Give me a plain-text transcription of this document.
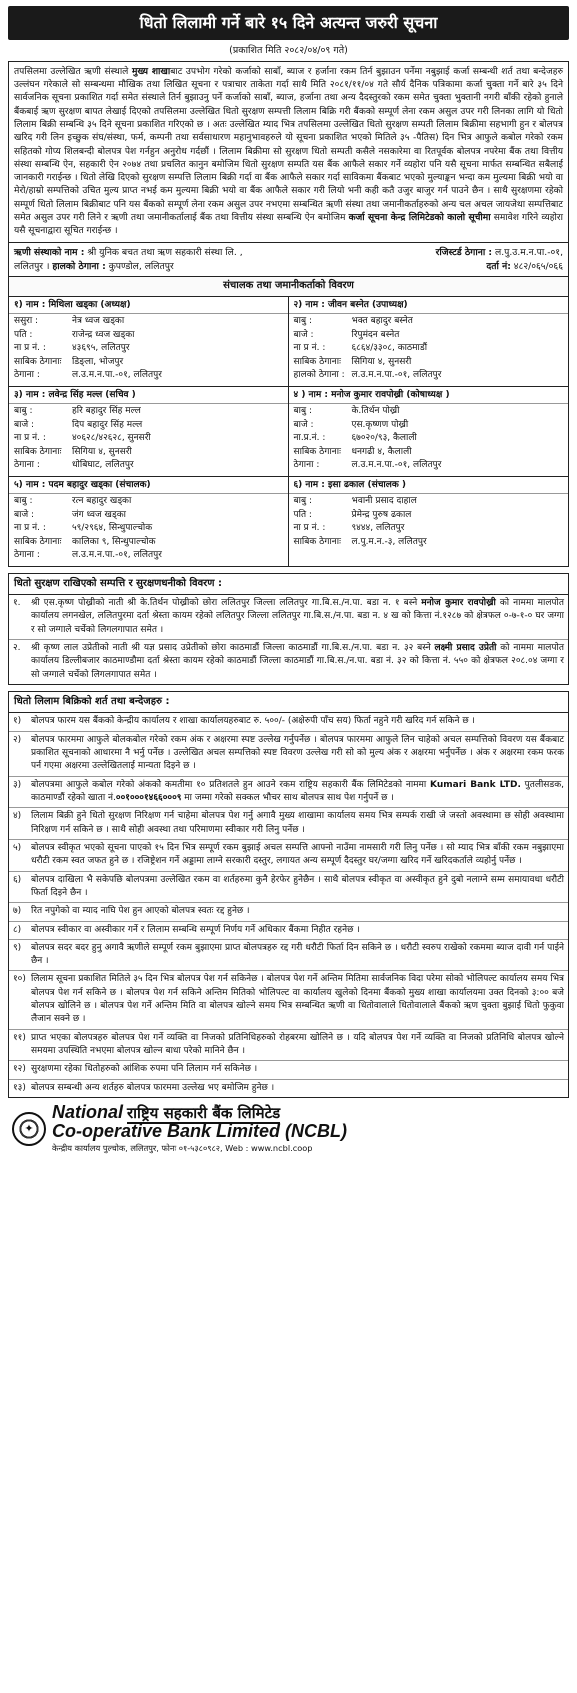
धितो लिलामी गर्ने बारे १५ दिने अत्यन्त जरुरी सूचना
(प्रकाशित मिति २०८२/०४/०९ गते)
तपसिलमा उल्लेखित ऋणी संस्थाले मुख्य शाखाबाट उपभोग गरेको कर्जाको साबाँ, ब्याज र हर्जाना रकम तिर्न बुझाउन पर्नेमा नबुझाई कर्जा सम्बन्धी शर्त तथा बन्देजहरु उल्लंघन गरेकाले सो सम्बन्धमा मौखिक तथा लिखित सूचना र पत्राचार ताकेता गर्दा साथै मिति २०८१/११/०४ गते सौर्य दैनिक पत्रिकामा कर्जा चुक्ता गर्ने बारे ३५ दिने सार्वजनिक सूचना प्रकाशित गर्दा समेत संस्थाले तिर्न बुझाउनु पर्ने कर्जाको साबाँ, ब्याज, हर्जाना तथा अन्य दैदस्तुरको रकम समेत चुक्ता भुक्तानी नगरी बाँकी रहेको हुनाले बैंकबाई ऋण सुरक्षण बापत लेखाई दिएको तपसिलमा उल्लेखित धितो सुरक्षण सम्पत्ती लिलाम बिक्रि गरी बैंकको सम्पूर्ण लेना रकम असुल उपर गरी लिनका लागि यो धितो लिलाम बिक्री सम्बन्धि ३५ दिने सूचना प्रकाशित गरिएको छ । अतः उल्लेखित म्याद भित्र तपसिलमा उल्लेखित धितो सुरक्षण सम्पती लिलाम बिक्रीमा सहभागी हुन र बोलपत्र खरिद गरी लिन इच्छुक संघ/संस्था, फर्म, कम्पनी तथा सर्वसाधारण महानुभावहरुले यो सूचना प्रकाशित भएको मितिले ३५ -पैतिस) दिन भित्र आफुले कबोल गरेको रकम सहितको गोप्य शिलबन्दी बोलपत्र पेश गर्नहुन अनुरोध गर्दछौं । लिलाम बिक्रीमा सो सुरक्षण धितो सम्पती कसैले नसकारेमा वा रितपूर्वक बोलपत्र नपरेमा बैंक तथा वित्तीय संस्था सम्बन्धि ऐन, सहकारी ऐन २०७४ तथा प्रचलित कानुन बमोजिम धितो सुरक्षण सम्पति यस बैंक आफैले सकार गर्ने व्यहोरा पनि यसै सूचना मार्फत सम्बन्धित सबैलाई जानकारी गराईन्छ । धितो लेखि दिएको सुरक्षण सम्पत्ति लिलाम बिक्री गर्दा वा बैंक आफैले सकार गर्दा साविकमा बैंकबाट भएको मुल्याङ्कन भन्दा कम मुल्यमा बिक्री भयो वा मेरो/हाम्रो सम्पत्तिको उचित मुल्य प्राप्त नभई कम मुल्यमा बिक्री भयो वा बैंक आफैले सकार गरी लियो भनी कही कतै उजुर बाजुर गर्न पाउने छैन । साथै सुरक्षणमा रहेको सम्पूर्ण धितो लिलाम बिक्रीबाट पनि यस बैंकको सम्पूर्ण लेना रकम असुल उपर नभएमा सम्बन्धित ऋणी संस्था तथा जमानीकर्ताहरुको अन्य चल अचल जायजेथा सम्पत्तिबाट समेत असुल उपर गरी लिने र ऋणी तथा जमानीकर्तालाई बैंक तथा वित्तीय संस्था सम्बन्धि ऐन बमोजिम कर्जा सूचना केन्द्र लिमिटेडको कालो सूचीमा समावेश गरिने व्यहोरा यसै सूचनाद्वारा सूचित गराईन्छ ।
ऋणी संस्थाको नाम : श्री युनिक बचत तथा ऋण सहकारी संस्था लि. ,	रजिस्टर्ड ठेगाना : ल.पु.उ.म.न.पा.-०१,
ललितपुर । हालको ठेगाना : कुपण्डोल, ललितपुर	दर्ता नं: ४८२/०६५/०६६
संचालक तथा जमानीकर्ताको विवरण
१) नाम : मिथिला खड्का (अध्यक्ष)
ससुरा :	नेत्र ध्वज खड्का
पति :	राजेन्द्र ध्वज खड्का
ना प्र नं. :	४३६९५, ललितपुर
साबिक ठेगानाः	डिङ्ला, भोजपुर
ठेगाना :	ल.उ.म.न.पा.-०१, ललितपुर
२) नाम : जीवन बस्नेत (उपाध्यक्ष)
बाबु :	भक्त बहादुर बस्नेत
बाजे :	रिपुमंदन बस्नेत
ना प्र नं. :	६८६४/३३०८, काठमाडौं
साबिक ठेगानाः	सिगिया ४, सुनसरी
हालको ठेगाना : ल.उ.म.न.पा.-०१, ललितपुर
३) नाम : लवेन्द्र सिंह मल्ल (सचिव )
बाबु :	हरि बहादुर सिंह मल्ल
बाजे :	दिप बहादुर सिंह मल्ल
ना प्र नं. :	४०६२८/४२६२८, सुनसरी
साबिक ठेगानाः	सिगिया ४, सुनसरी
ठेगाना :	धोबिघाट, ललितपुर
४ ) नाम : मनोज कुमार रावपोख्री (कोषाध्यक्ष )
बाबु :	के.तिर्थन पोख्री
बाजे :	एस.कृष्णण पोख्री
ना.प्र.नं. :	६७०२०/९३, कैलाली
साबिक ठेगानाः	धनगढी ४, कैलाली
ठेगाना :	ल.उ.म.न.पा.-०१, ललितपुर
५) नाम : पदम बहादुर खड्का (संचालक)
बाबु :	रत्न बहादुर खड्का
बाजे :	जंग ध्वज खड्का
ना प्र नं. :	५९/२९६४, सिन्धुपाल्चोक
साबिक ठेगानाः	कालिका ९, सिन्धुपाल्चोक
ठेगाना :	ल.उ.म.न.पा.-०१, ललितपुर
६) नाम : इसा ढकाल (संचालक )
बाबु :	भवानी प्रसाद दाहाल
पति :	प्रेमेन्द्र पुरुष ढकाल
ना प्र नं. :	९४४४, ललितपुर
साबिक ठेगानाः	ल.पु.म.न.-३, ललितपुर
धितो सुरक्षण राखिएको सम्पत्ति र सुरक्षणधनीको विवरण :
१.	श्री एस.कृष्ण पोख्रीको नाती श्री के.तिर्थन पोख्रीको छोरा ललितपुर जिल्ला ललितपुर गा.बि.स./न.पा. बडा न. १ बस्ने मनोज कुमार रावपोख्री को नाममा मालपोत कार्यालय लगनखेल, ललितपुरमा दर्ता श्रेस्ता कायम रहेको ललितपुर जिल्ला ललितपुर गा.बि.स./न.पा. बडा न. ४ ख को कित्ता नं.१२८७ को क्षेत्रफल ०-७-१-० घर जग्गा र सो जग्गाले चर्चेको लिगलगापात समेत ।
२.	श्री कृष्ण लाल उप्रेतीको नाती श्री यज्ञ प्रसाद उप्रेतीको छोरा काठमाडौं जिल्ला काठमाडौं गा.बि.स./न.पा. बडा न. ३२ बस्ने लक्ष्मी प्रसाद उप्रेती को नाममा मालपोत कार्यालय डिल्लीबजार काठमाण्डौमा दर्ता श्रेस्ता कायम रहेको काठमाडौं जिल्ला काठमाडौं गा.बि.स./न.पा. बडा नं. ३२ को कित्ता नं. ५५० को क्षेत्रफल २०८.०४ जग्गा र सो जग्गाले चर्चेको लिगलगापात समेत ।
धितो लिलाम बिक्रिको शर्त तथा बन्देजहरु :
१)	बोलपत्र फारम यस बैंकको केन्द्रीय कार्यालय र शाखा कार्यालयहरुबाट रु. ५००/- (अक्षेरुपी पाँच सय) फिर्ता नहुने गरी खरिद गर्न सकिने छ ।
२)	बोलपत्र फारममा आफुले बोलकबोल गरेको रकम अंक र अक्षरमा स्पष्ट उल्लेख गर्नुपर्नेछ । बोलपत्र फारममा आफुले लिन चाहेको अचल सम्पत्तिको विवरण यस बैंकबाट प्रकाशित सूचनाको आधारमा नै भर्नु पर्नेछ । उल्लेखित अचल सम्पत्तिको स्पष्ट विवरण उल्लेख गरी सो को मुल्य अंक र अक्षरमा भर्नुपर्नेछ । अंक र अक्षरमा रकम फरक पर्न गएमा अक्षरमा उल्लेखितलाई मान्यता दिइने छ ।
३)	बोलपत्रमा आफुले कबोल गरेको अंककोे कमतीमा १० प्रतिशतले हुन आउने रकम राष्ट्रिय सहकारी बैंक लिमिटेडको नाममा Kumari Bank LTD. पुतलीसडक, काठमाण्डौं रहेको खाता नं.००१०००१४६६०००९ मा जम्मा गरेको सक्कल भौचर साथ बोलपत्र साथ पेश गर्नुपर्ने छ ।
४)	लिलाम बिक्री हुने धितो सुरक्षण निरिक्षण गर्न चाहेमा बोलपत्र पेश गर्नु अगावै मुख्य शाखामा कार्यालय समय भित्र सम्पर्क राखी जे जस्तो अवस्थामा छ सोही अवस्थामा निरिक्षण गर्न सकिने छ । साथै सोही अवस्था तथा परिमाणमा स्वीकार गरी लिनु पर्नेछ ।
५)	बोलपत्र स्वीकृत भएको सूचना पाएको १५ दिन भित्र सम्पूर्ण रकम बुझाई अचल सम्पत्ति आफ्नो नाउँमा नामसारी गरी लिनु पर्नेछ । सो म्याद भित्र बाँकी रकम नबुझाएमा धरौटी रकम स्वत जफत हुने छ । रजिष्ट्रेशन गर्ने अड्डामा लाग्ने सरकारी दस्तुर, लगायत अन्य सम्पूर्ण दैदस्तुर घर/जग्गा खरिद गर्ने खरिदकर्ताले व्यहोर्नु पर्नेछ ।
६)	बोलपत्र दाखिला भै सकेपछि बोलपत्रमा उल्लेखित रकम वा शर्तहरुमा कुनै हेरफेर हुनेछैन । साथै बोलपत्र स्वीकृत वा अस्वीकृत हुने दुबो नलाग्ने सम्म समायावधा धरौटी फिर्ता दिइने छैन ।
७)	रित नपुगेको वा म्याद नाघि पेश हुन आएको बोलपत्र स्वतः रद्द हुनेछ ।
८)	बोलपत्र स्वीकार वा अस्वीकार गर्ने र लिलाम सम्बन्धि सम्पूर्ण निर्णय गर्ने अधिकार बैंकमा निहीत रहनेछ ।
९)	बोलपत्र सदर बदर हुनु अगावै ऋणीले सम्पूर्ण रकम बुझाएमा प्राप्त बोलपत्रहरु रद्द गरी धरौटी फिर्ता दिन सकिने छ । धरौटी स्वरुप राखेको रकममा ब्याज दावी गर्न पाईने छैन ।
१०) लिलाम सूचना प्रकाशित मितिले ३५ दिन भित्र बोलपत्र पेश गर्न सकिनेछ । बोलपत्र पेश गर्ने अन्तिम मितिमा सार्वजनिक विदा परेमा सोको भोलिपल्ट कार्यालय समय भित्र बोलपत्र पेश गर्न सकिने छ । बोलपत्र पेश गर्न सकिने अन्तिम मितिको भोलिपल्ट वा कार्यालय खुलेको दिनमा बैंकको मुख्य शाखा कार्यालयमा उक्त दिनको ३:०० बजे बोलपत्र खोलिने छ । बोलपत्र पेश गर्ने अन्तिम मिति वा बोलपत्र खोल्ने समय भित्र सम्बन्धित ऋणी वा धितोवालाले धितोवालाले बैंकको ऋण चुक्ता बुझाई धितो फुकुवा लैजान सक्ने छ ।
११) प्राप्त भएका बोलपत्रहरु बोलपत्र पेश गर्ने व्यक्ति वा निजको प्रतिनिधिहरुको रोहबरमा खोलिने छ । यदि बोलपत्र पेश गर्ने व्यक्ति वा निजको प्रतिनिधि बोलपत्र खोल्ने समयमा उपस्थिति नभएमा बोलपत्र खोल्न बाधा परेको मानिने छैन ।
१२) सुरक्षणमा रहेका धितोहरुको आंशिक रुपमा पनि लिलाम गर्न सकिनेछ ।
१३) बोलपत्र सम्बन्धी अन्य शर्तहरु बोलपत्र फारममा उल्लेख भए बमोजिम हुनेछ ।
✦
National राष्ट्रिय सहकारी बैंक लिमिटेड
Co-operative Bank Limited (NCBL)
केन्द्रीय कार्यालय पुल्चोक, ललितपुर, फोनः ०१-५३८०९८२, Web : www.ncbl.coop
